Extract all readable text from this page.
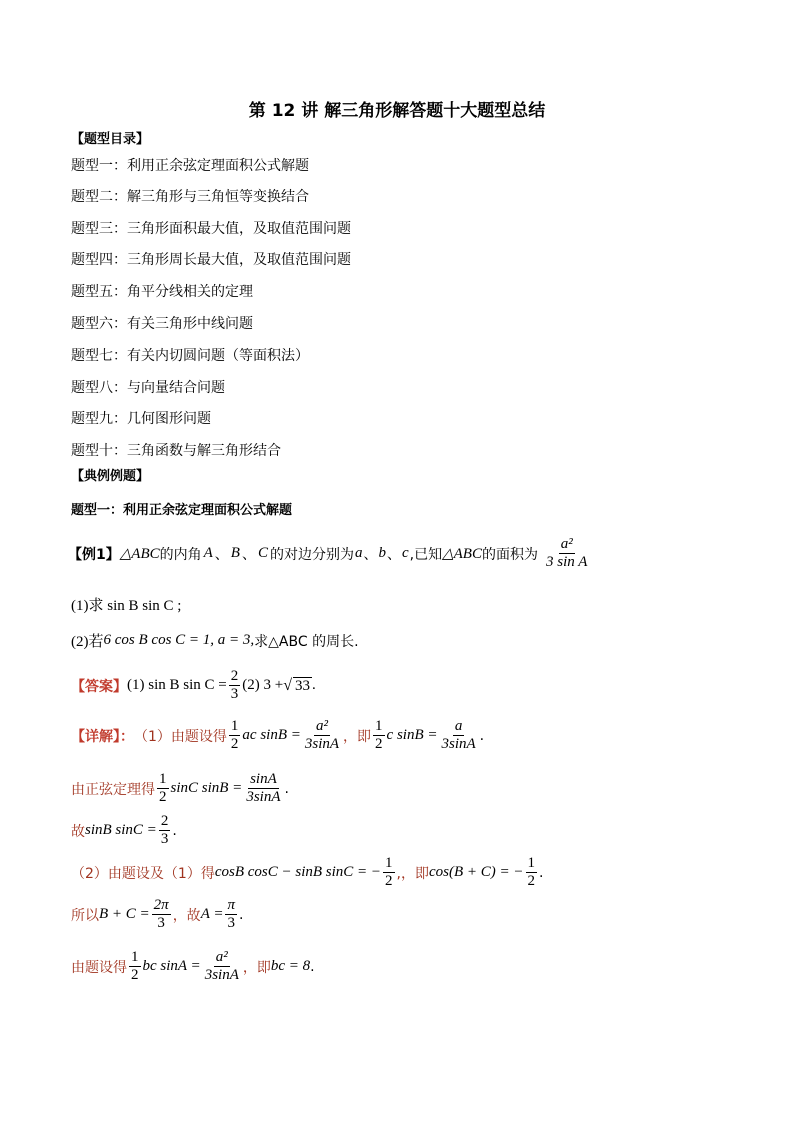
第 12 讲 解三角形解答题十大题型总结
【题型目录】
题型一：利用正余弦定理面积公式解题
题型二：解三角形与三角恒等变换结合
题型三：三角形面积最大值，及取值范围问题
题型四：三角形周长最大值，及取值范围问题
题型五：角平分线相关的定理
题型六：有关三角形中线问题
题型七：有关内切圆问题（等面积法）
题型八：与向量结合问题
题型九：几何图形问题
题型十：三角函数与解三角形结合
【典例例题】
题型一：利用正余弦定理面积公式解题
【例1】 △ABC 的内角 A 、 B 、 C 的对边分别为 a 、 b 、 c ,已知 △ABC 的面积为 $\frac{\text{a²}}{\text{3 sin A}}$
(1)求 sin B sin C ;
(2)若 6 cos B cos C = 1, a = 3, 求△ABC 的周长.
【答案】 (1) sin B $\sin C = \frac{2}{3} (2) 3$ + √ 33 .
【详解】： （1）由题设得 $\frac{1}{2}$ ac $\sin B = \frac{\text{a²}}{3\sin A}$ ，即 $\frac{1}{2}$ c $\sin B = \frac{a}{3\sin A}$ .
由正弦定理得 $\frac{1}{2}$ sinC $\sin B = \frac{\sin A}{3\sin A}$ .
故 sinB $\sin C = \frac{2}{3}$ .
（2）由题设及（1）得 cosB cosC − sinB sinC = − $\frac{1}{2}$ ,，即 cos(B + C) = − $\frac{1}{2}$ .
所以 $B + C = \frac{2\pi}{3}$ ，故 $A = \frac{\pi}{3}$ .
由题设得 $\frac{1}{2}$ bc $\sin A = \frac{\text{a²}}{3\sin A}$ ，即 bc = 8 .
